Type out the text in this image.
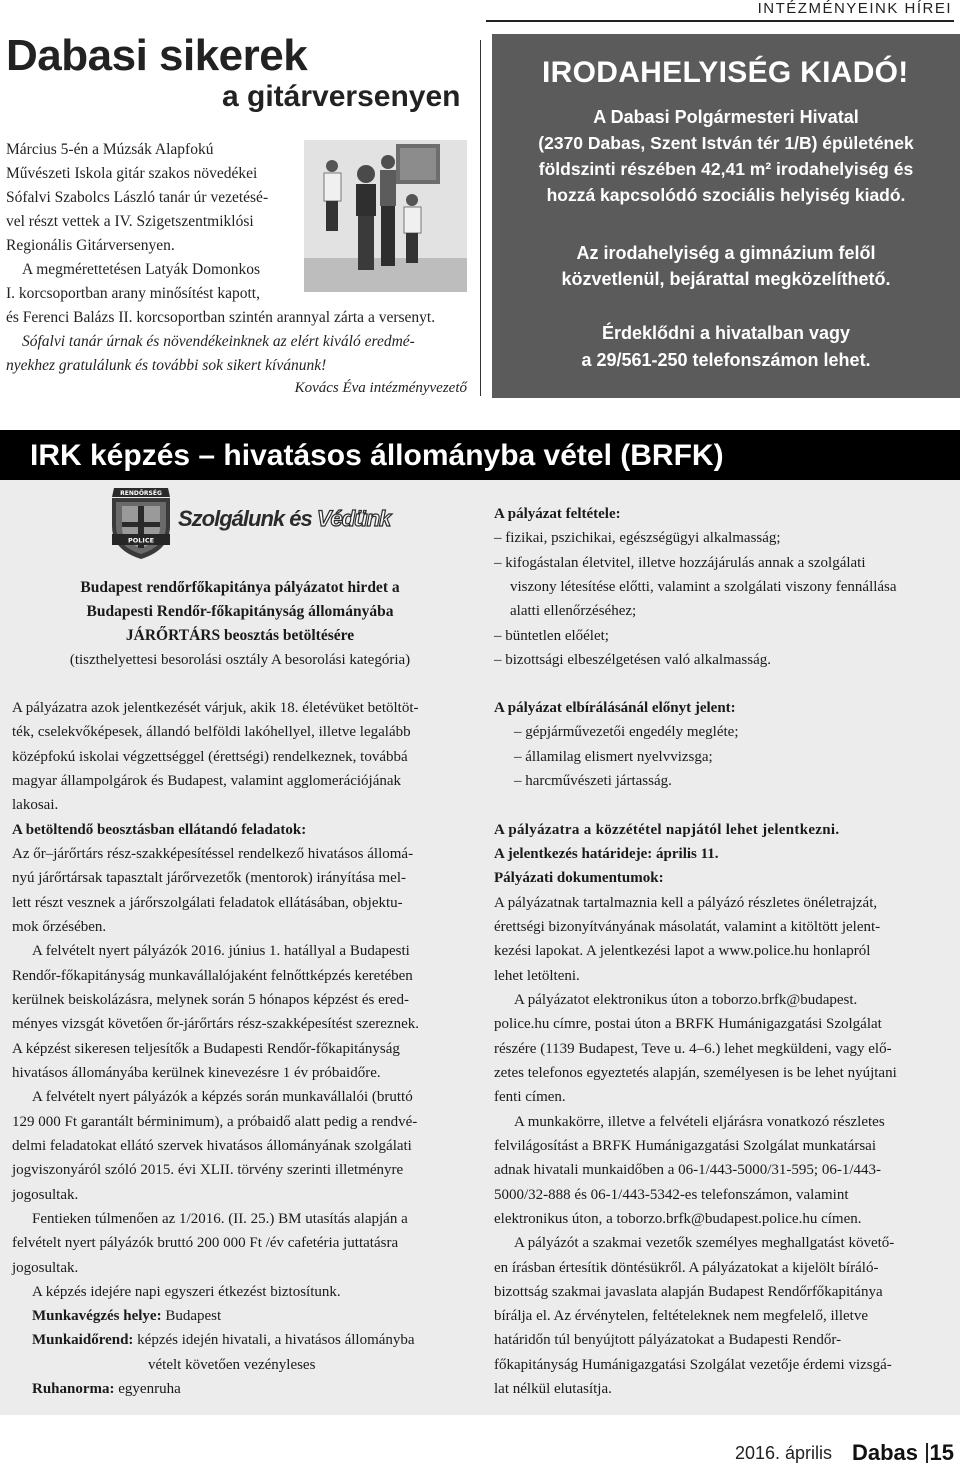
INTÉZMÉNYEINK HÍREI
Dabasi sikerek
a gitárversenyen
Március 5-én a Múzsák Alapfokú
Művészeti Iskola gitár szakos növedékei
Sófalvi Szabolcs László tanár úr vezetésé-
vel részt vettek a IV. Szigetszentmiklósi
Regionális Gitárversenyen.
A megmérettetésen Latyák Domonkos
I. korcsoportban arany minősítést kapott,
és Ferenci Balázs II. korcsoportban szintén arannyal zárta a versenyt.
Sófalvi tanár úrnak és növendékeinknek az elért kiváló eredmé-
nyekhez gratulálunk és további sok sikert kívánunk!
Kovács Éva intézményvezető
IRODAHELYISÉG KIADÓ!
A Dabasi Polgármesteri Hivatal
(2370 Dabas, Szent István tér 1/B) épületének
földszinti részében 42,41 m² irodahelyiség és
hozzá kapcsolódó szociális helyiség kiadó.
Az irodahelyiség a gimnázium felől
közvetlenül, bejárattal megközelíthető.
Érdeklődni a hivatalban vagy
a 29/561-250 telefonszámon lehet.
IRK képzés – hivatásos állományba vétel (BRFK)
RENDŐRSÉG
POLICE
Szolgálunk és Védünk
Budapest rendőrfőkapitánya pályázatot hirdet a
Budapesti Rendőr-főkapitányság állományába
JÁRŐRTÁRS beosztás betöltésére
(tiszthelyettesi besorolási osztály A besorolási kategória)
A pályázatra azok jelentkezését várjuk, akik 18. életévüket betöltöt-
ték, cselekvőképesek, állandó belföldi lakóhellyel, illetve legalább
középfokú iskolai végzettséggel (érettségi) rendelkeznek, továbbá
magyar állampolgárok és Budapest, valamint agglomerációjának
lakosai.
A betöltendő beosztásban ellátandó feladatok:
Az őr–járőrtárs rész-szakképesítéssel rendelkező hivatásos állomá-
nyú járőrtársak tapasztalt járőrvezetők (mentorok) irányítása mel-
lett részt vesznek a járőrszolgálati feladatok ellátásában, objektu-
mok őrzésében.
A felvételt nyert pályázók 2016. június 1. hatállyal a Budapesti
Rendőr-főkapitányság munkavállalójaként felnőttképzés keretében
kerülnek beiskolázásra, melynek során 5 hónapos képzést és ered-
ményes vizsgát követően őr-járőrtárs rész-szakképesítést szereznek.
A képzést sikeresen teljesítők a Budapesti Rendőr-főkapitányság
hivatásos állományába kerülnek kinevezésre 1 év próbaidőre.
A felvételt nyert pályázók a képzés során munkavállalói (bruttó
129 000 Ft garantált bérminimum), a próbaidő alatt pedig a rendvé-
delmi feladatokat ellátó szervek hivatásos állományának szolgálati
jogviszonyáról szóló 2015. évi XLII. törvény szerinti illetményre
jogosultak.
Fentieken túlmenően az 1/2016. (II. 25.) BM utasítás alapján a
felvételt nyert pályázók bruttó 200 000 Ft /év cafetéria juttatásra
jogosultak.
A képzés idejére napi egyszeri étkezést biztosítunk.
Munkavégzés helye: Budapest
Munkaidőrend: képzés idején hivatali, a hivatásos állományba
vételt követően vezényleses
Ruhanorma: egyenruha
A pályázat feltétele:
– fizikai, pszichikai, egészségügyi alkalmasság;
– kifogástalan életvitel, illetve hozzájárulás annak a szolgálati
viszony létesítése előtti, valamint a szolgálati viszony fennállása
alatti ellenőrzéséhez;
– büntetlen előélet;
– bizottsági elbeszélgetésen való alkalmasság.
A pályázat elbírálásánál előnyt jelent:
– gépjárművezetői engedély megléte;
– államilag elismert nyelvvizsga;
– harcművészeti jártasság.
A pályázatra a közzététel napjától lehet jelentkezni.
A jelentkezés határideje: április 11.
Pályázati dokumentumok:
A pályázatnak tartalmaznia kell a pályázó részletes önéletrajzát,
érettségi bizonyítványának másolatát, valamint a kitöltött jelent-
kezési lapokat. A jelentkezési lapot a www.police.hu honlapról
lehet letölteni.
A pályázatot elektronikus úton a toborzo.brfk@budapest.
police.hu címre, postai úton a BRFK Humánigazgatási Szolgálat
részére (1139 Budapest, Teve u. 4–6.) lehet megküldeni, vagy elő-
zetes telefonos egyeztetés alapján, személyesen is be lehet nyújtani
fenti címen.
A munkakörre, illetve a felvételi eljárásra vonatkozó részletes
felvilágosítást a BRFK Humánigazgatási Szolgálat munkatársai
adnak hivatali munkaidőben a 06-1/443-5000/31-595; 06-1/443-
5000/32-888 és 06-1/443-5342-es telefonszámon, valamint
elektronikus úton, a toborzo.brfk@budapest.police.hu címen.
A pályázót a szakmai vezetők személyes meghallgatást követő-
en írásban értesítik döntésükről. A pályázatokat a kijelölt bíráló-
bizottság szakmai javaslata alapján Budapest Rendőrfőkapitánya
bírálja el. Az érvénytelen, feltételeknek nem megfelelő, illetve
határidőn túl benyújtott pályázatokat a Budapesti Rendőr-
főkapitányság Humánigazgatási Szolgálat vezetője érdemi vizsgá-
lat nélkül elutasítja.
2016. április Dabas 15
